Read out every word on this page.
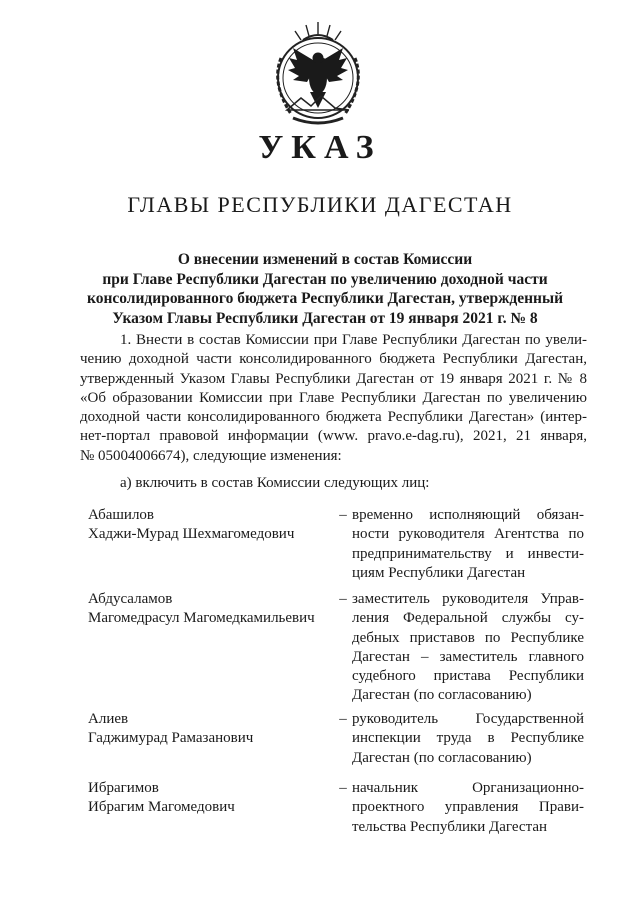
УКАЗ
ГЛАВЫ РЕСПУБЛИКИ ДАГЕСТАН
О внесении изменений в состав Комиссии
при Главе Республики Дагестан по увеличению доходной части
консолидированного бюджета Республики Дагестан, утвержденный
Указом Главы Республики Дагестан от 19 января 2021 г. № 8
1. Внести в состав Комиссии при Главе Республики Дагестан по увели-
чению доходной части консолидированного бюджета Республики Дагестан,
утвержденный Указом Главы Республики Дагестан от 19 января 2021 г. № 8
«Об образовании Комиссии при Главе Республики Дагестан по увеличению
доходной части консолидированного бюджета Республики Дагестан» (интер-
нет-портал правовой информации (www. pravo.e-dag.ru), 2021, 21 января,
№ 05004006674), следующие изменения:
а) включить в состав Комиссии следующих лиц:
Абашилов
Хаджи-Мурад Шехмагомедович
– временно исполняющий обязан-
ности руководителя Агентства по
предпринимательству и инвести-
циям Республики Дагестан
Абдусаламов
Магомедрасул Магомедкамильевич
– заместитель руководителя Управ-
ления Федеральной службы су-
дебных приставов по Республике
Дагестан – заместитель главного
судебного пристава Республики
Дагестан (по согласованию)
Алиев
Гаджимурад Рамазанович
– руководитель Государственной
инспекции труда в Республике
Дагестан (по согласованию)
Ибрагимов
Ибрагим Магомедович
– начальник Организационно-
проектного управления Прави-
тельства Республики Дагестан
